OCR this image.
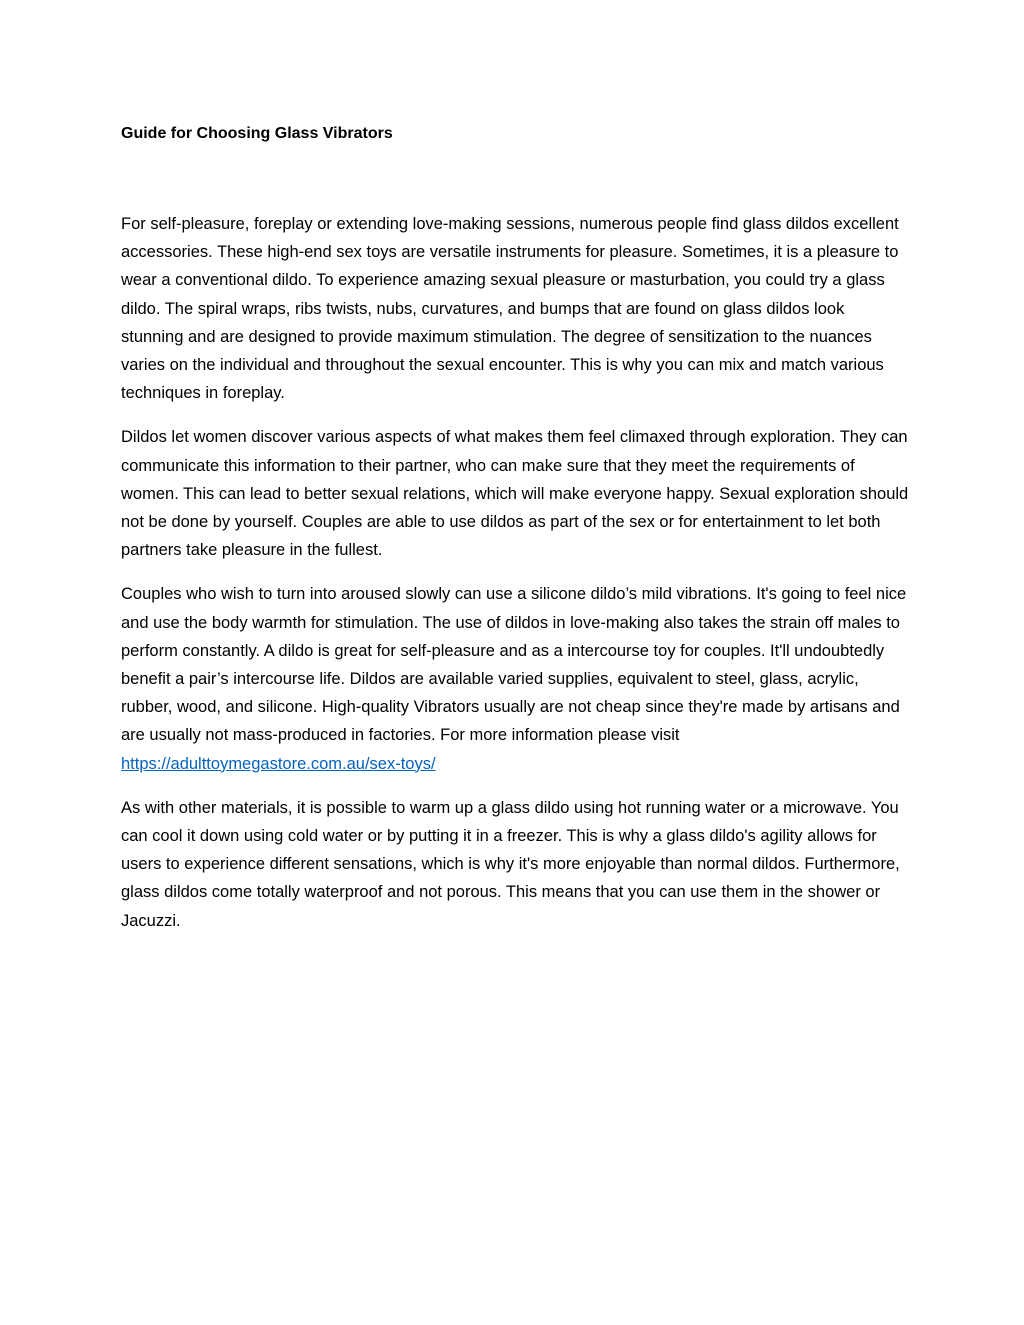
Guide for Choosing Glass Vibrators

For self-pleasure, foreplay or extending love-making sessions, numerous people find glass dildos excellent accessories. These high-end sex toys are versatile instruments for pleasure. Sometimes, it is a pleasure to wear a conventional dildo. To experience amazing sexual pleasure or masturbation, you could try a glass dildo. The spiral wraps, ribs twists, nubs, curvatures, and bumps that are found on glass dildos look stunning and are designed to provide maximum stimulation. The degree of sensitization to the nuances varies on the individual and throughout the sexual encounter. This is why you can mix and match various techniques in foreplay.

Dildos let women discover various aspects of what makes them feel climaxed through exploration. They can communicate this information to their partner, who can make sure that they meet the requirements of women. This can lead to better sexual relations, which will make everyone happy. Sexual exploration should not be done by yourself. Couples are able to use dildos as part of the sex or for entertainment to let both partners take pleasure in the fullest.

Couples who wish to turn into aroused slowly can use a silicone dildo’s mild vibrations. It's going to feel nice and use the body warmth for stimulation. The use of dildos in love-making also takes the strain off males to perform constantly. A dildo is great for self-pleasure and as a intercourse toy for couples. It'll undoubtedly benefit a pair’s intercourse life. Dildos are available varied supplies, equivalent to steel, glass, acrylic, rubber, wood, and silicone. High-quality Vibrators usually are not cheap since they're made by artisans and are usually not mass-produced in factories. For more information please visit
https://adulttoymegastore.com.au/sex-toys/

As with other materials, it is possible to warm up a glass dildo using hot running water or a microwave. You can cool it down using cold water or by putting it in a freezer. This is why a glass dildo's agility allows for users to experience different sensations, which is why it's more enjoyable than normal dildos. Furthermore, glass dildos come totally waterproof and not porous. This means that you can use them in the shower or Jacuzzi.
